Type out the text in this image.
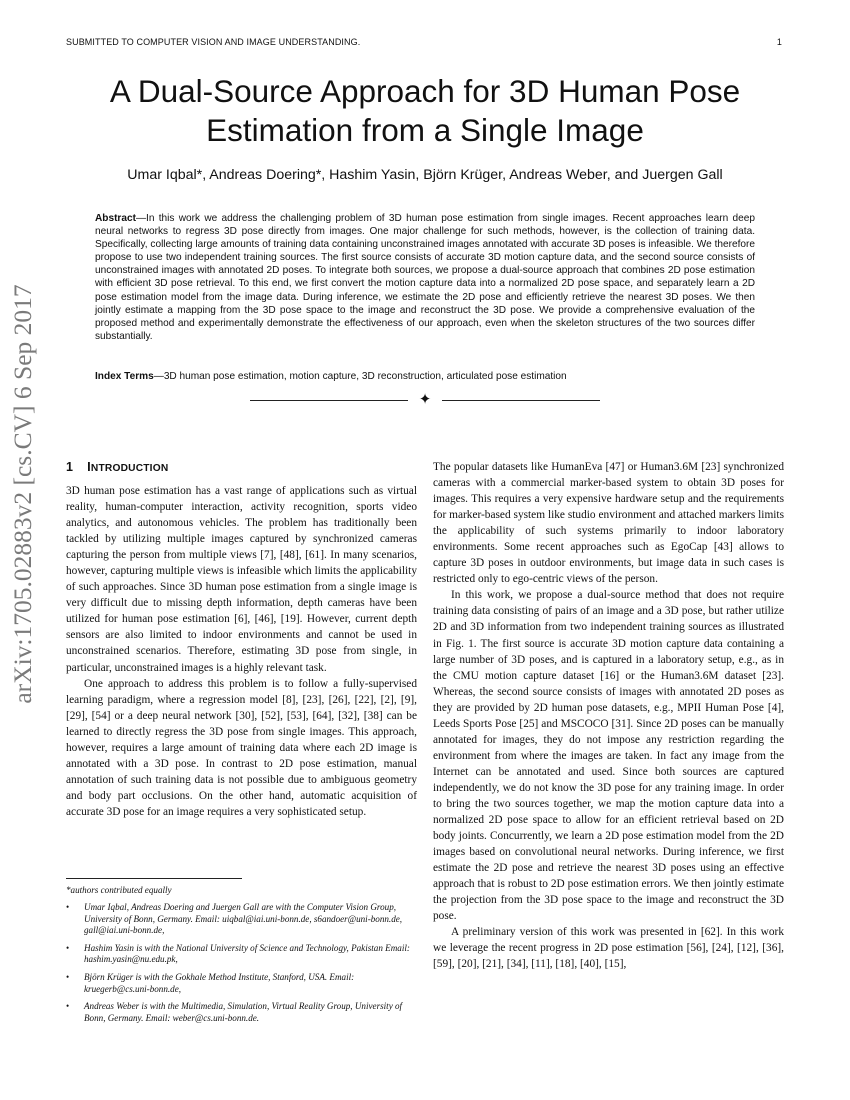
SUBMITTED TO COMPUTER VISION AND IMAGE UNDERSTANDING.	1
arXiv:1705.02883v2 [cs.CV] 6 Sep 2017
A Dual-Source Approach for 3D Human Pose
Estimation from a Single Image
Umar Iqbal*, Andreas Doering*, Hashim Yasin, Björn Krüger, Andreas Weber, and Juergen Gall
Abstract—In this work we address the challenging problem of 3D human pose estimation from single images. Recent approaches learn deep neural networks to regress 3D pose directly from images. One major challenge for such methods, however, is the collection of training data. Specifically, collecting large amounts of training data containing unconstrained images annotated with accurate 3D poses is infeasible. We therefore propose to use two independent training sources. The first source consists of accurate 3D motion capture data, and the second source consists of unconstrained images with annotated 2D poses. To integrate both sources, we propose a dual-source approach that combines 2D pose estimation with efficient 3D pose retrieval. To this end, we first convert the motion capture data into a normalized 2D pose space, and separately learn a 2D pose estimation model from the image data. During inference, we estimate the 2D pose and efficiently retrieve the nearest 3D poses. We then jointly estimate a mapping from the 3D pose space to the image and reconstruct the 3D pose. We provide a comprehensive evaluation of the proposed method and experimentally demonstrate the effectiveness of our approach, even when the skeleton structures of the two sources differ substantially.
Index Terms—3D human pose estimation, motion capture, 3D reconstruction, articulated pose estimation
✦
1 INTRODUCTION

3D human pose estimation has a vast range of applications such as virtual reality, human-computer interaction, activity recognition, sports video analytics, and autonomous vehicles. The problem has traditionally been tackled by utilizing multiple images captured by synchronized cameras capturing the person from multiple views [7], [48], [61]. In many scenarios, however, capturing multiple views is infeasible which limits the applicability of such approaches. Since 3D human pose estimation from a single image is very difficult due to missing depth information, depth cameras have been utilized for human pose estimation [6], [46], [19]. However, current depth sensors are also limited to indoor environments and cannot be used in unconstrained scenarios. Therefore, estimating 3D pose from single, in particular, unconstrained images is a highly relevant task.

One approach to address this problem is to follow a fully-supervised learning paradigm, where a regression model [8], [23], [26], [22], [2], [9], [29], [54] or a deep neural network [30], [52], [53], [64], [32], [38] can be learned to directly regress the 3D pose from single images. This approach, however, requires a large amount of training data where each 2D image is annotated with a 3D pose. In contrast to 2D pose estimation, manual annotation of such training data is not possible due to ambiguous geometry and body part occlusions. On the other hand, automatic acquisition of accurate 3D pose for an image requires a very sophisticated setup.

*authors contributed equally
• Umar Iqbal, Andreas Doering and Juergen Gall are with the Computer Vision Group, University of Bonn, Germany. Email: uiqbal@iai.uni-bonn.de, s6andoer@uni-bonn.de, gall@iai.uni-bonn.de,
• Hashim Yasin is with the National University of Science and Technology, Pakistan Email: hashim.yasin@nu.edu.pk,
• Björn Krüger is with the Gokhale Method Institute, Stanford, USA. Email: kruegerb@cs.uni-bonn.de,
• Andreas Weber is with the Multimedia, Simulation, Virtual Reality Group, University of Bonn, Germany. Email: weber@cs.uni-bonn.de.

The popular datasets like HumanEva [47] or Human3.6M [23] synchronized cameras with a commercial marker-based system to obtain 3D poses for images. This requires a very expensive hardware setup and the requirements for marker-based system like studio environment and attached markers limits the applicability of such systems primarily to indoor laboratory environments. Some recent approaches such as EgoCap [43] allows to capture 3D poses in outdoor environments, but image data in such cases is restricted only to ego-centric views of the person.

In this work, we propose a dual-source method that does not require training data consisting of pairs of an image and a 3D pose, but rather utilize 2D and 3D information from two independent training sources as illustrated in Fig. 1. The first source is accurate 3D motion capture data containing a large number of 3D poses, and is captured in a laboratory setup, e.g., as in the CMU motion capture dataset [16] or the Human3.6M dataset [23]. Whereas, the second source consists of images with annotated 2D poses as they are provided by 2D human pose datasets, e.g., MPII Human Pose [4], Leeds Sports Pose [25] and MSCOCO [31]. Since 2D poses can be manually annotated for images, they do not impose any restriction regarding the environment from where the images are taken. In fact any image from the Internet can be annotated and used. Since both sources are captured independently, we do not know the 3D pose for any training image. In order to bring the two sources together, we map the motion capture data into a normalized 2D pose space to allow for an efficient retrieval based on 2D body joints. Concurrently, we learn a 2D pose estimation model from the 2D images based on convolutional neural networks. During inference, we first estimate the 2D pose and retrieve the nearest 3D poses using an effective approach that is robust to 2D pose estimation errors. We then jointly estimate the projection from the 3D pose space to the image and reconstruct the 3D pose.

A preliminary version of this work was presented in [62]. In this work we leverage the recent progress in 2D pose estimation [56], [24], [12], [36], [59], [20], [21], [34], [11], [18], [40], [15],
